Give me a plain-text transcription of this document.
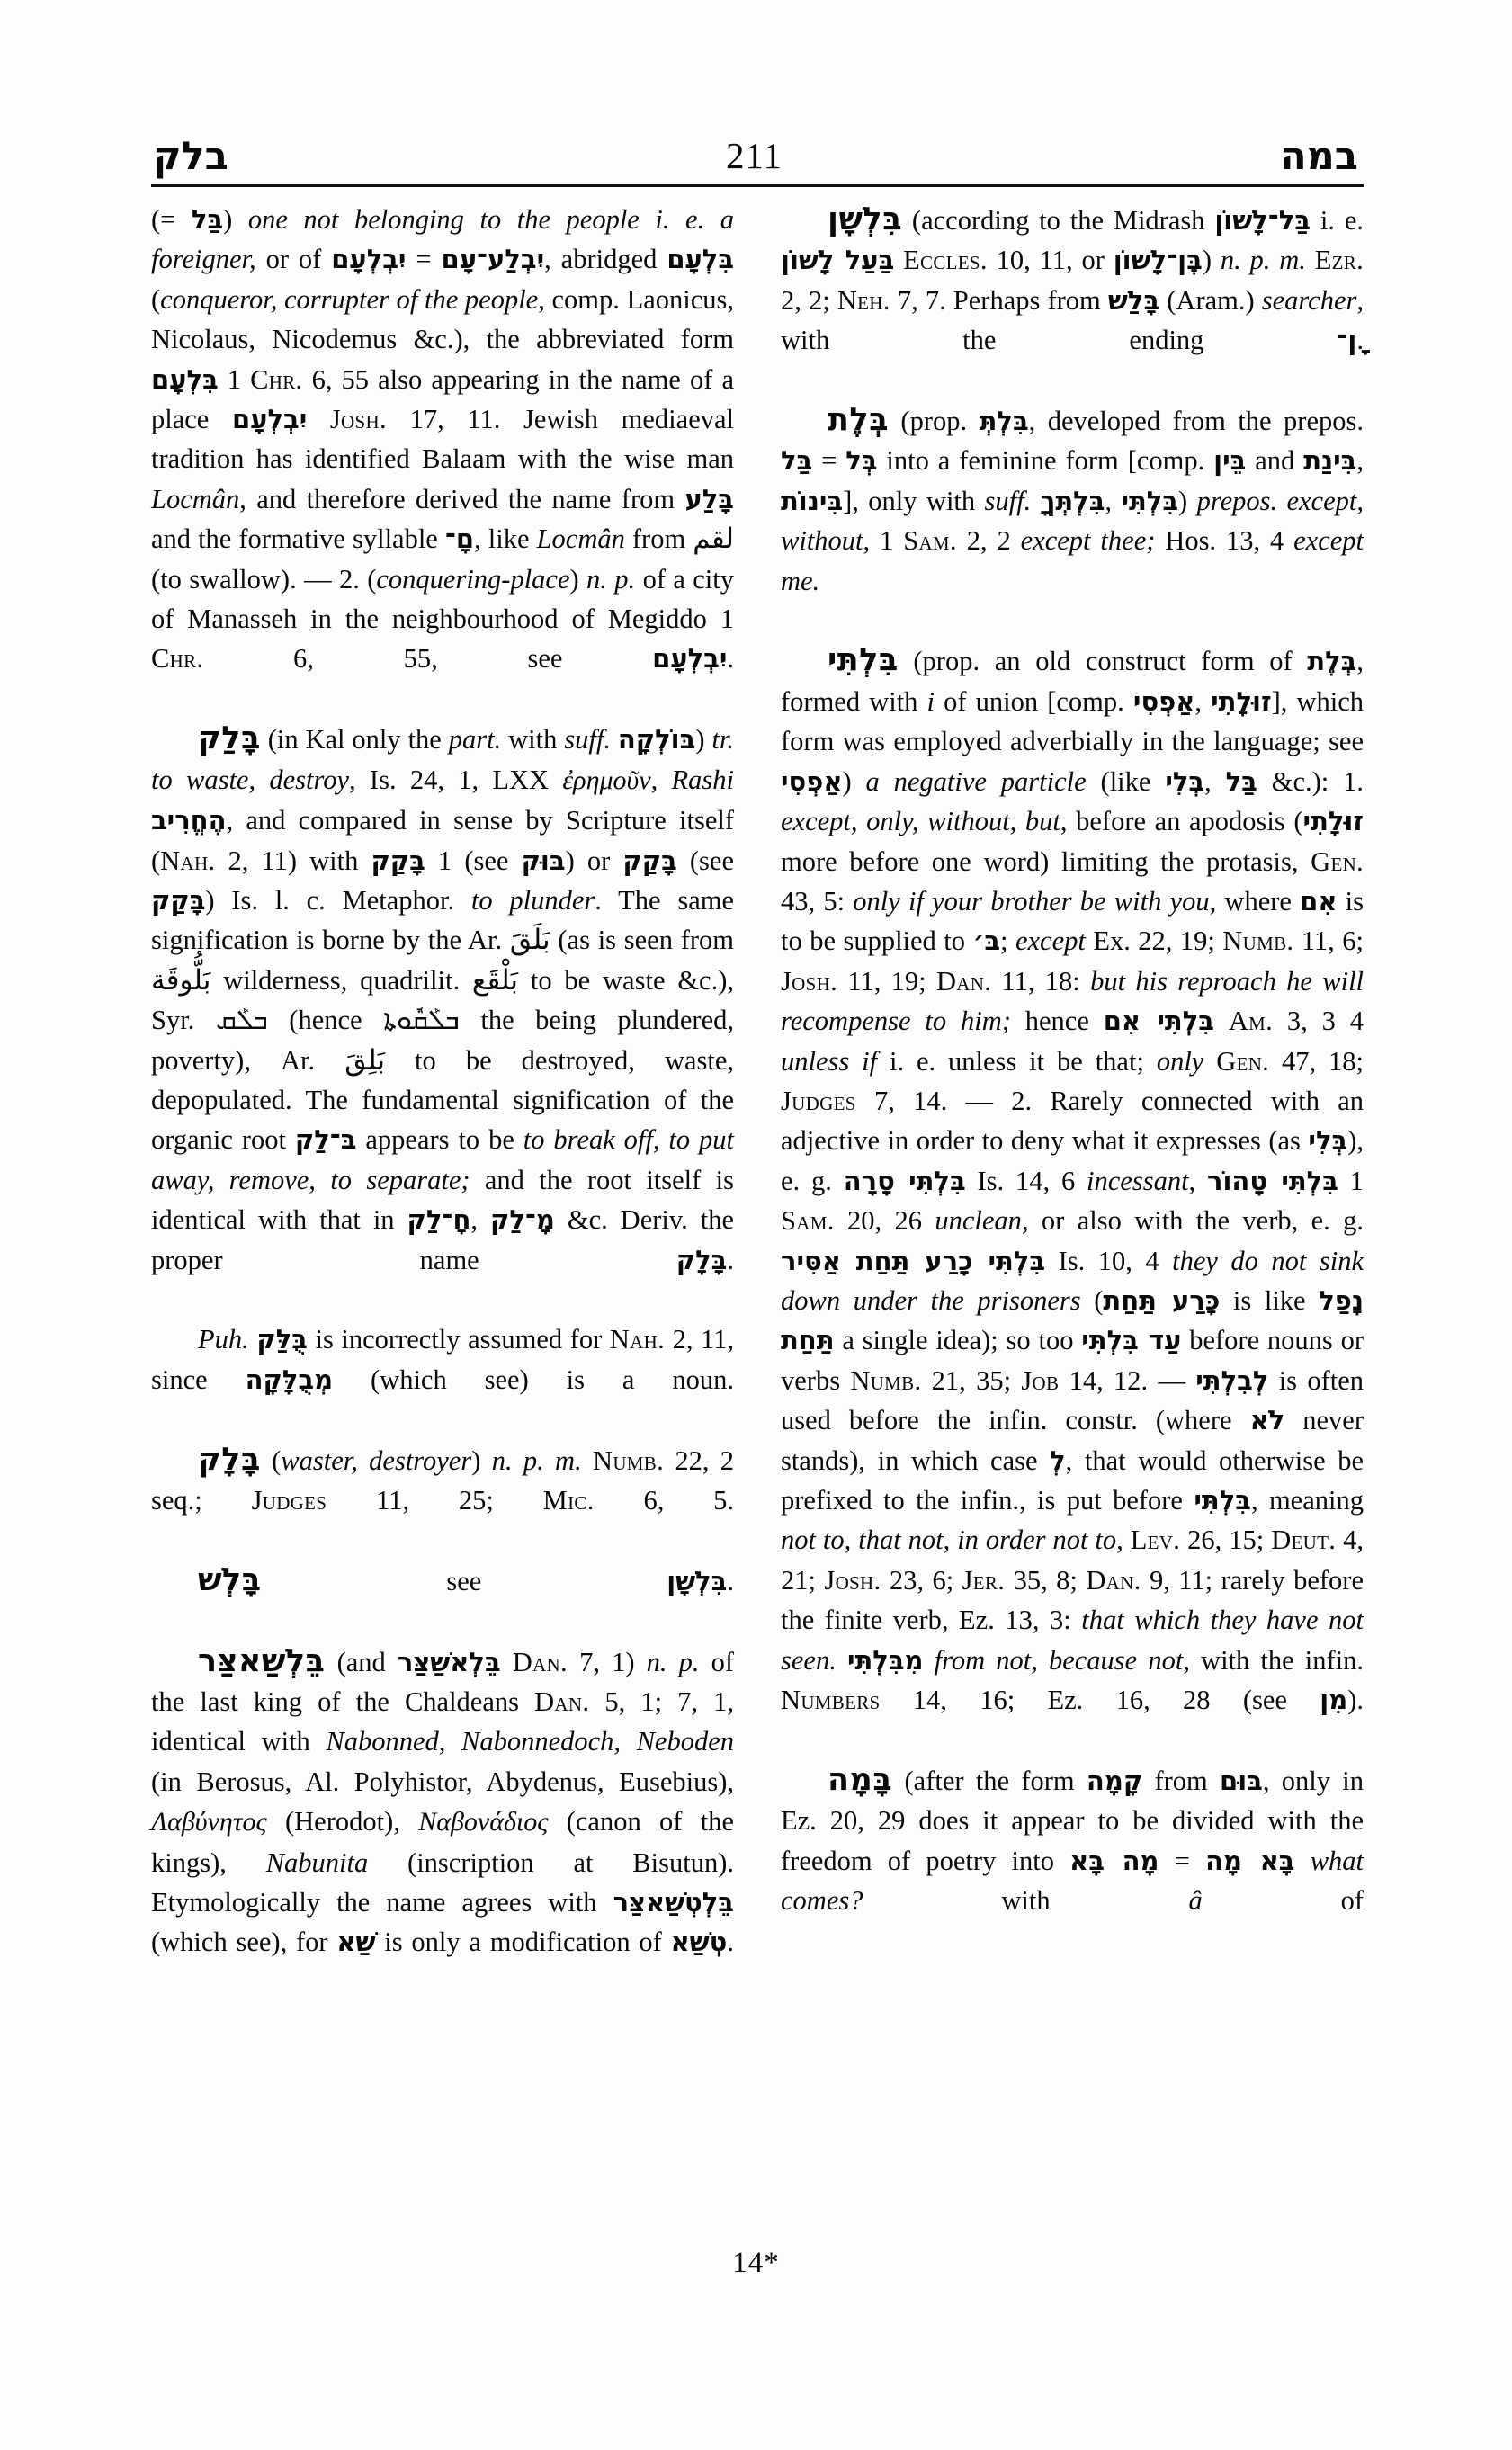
בלק	211	במה

(= בַּל) one not belonging to the people i. e. a foreigner, or of יִבְלְעָם = יִבְלַע־עָם, abridged בִּלְעָם (conqueror, corrupter of the people, comp. Laonicus, Nicolaus, Nicodemus &c.), the abbreviated form בִּלְעָם 1 Chr. 6, 55 also appearing in the name of a place יִבְלְעָם Josh. 17, 11. Jewish mediaeval tradition has identified Balaam with the wise man Locmân, and therefore derived the name from בָּלַע and the formative syllable םָ־, like Locmân from لقم (to swallow). — 2. (conquering-place) n. p. of a city of Manasseh in the neighbourhood of Megiddo 1 Chr. 6, 55, see יִבְלְעָם.

בָּלַק (in Kal only the part. with suff. בּוֹלְקָה) tr. to waste, destroy, Is. 24, 1, LXX ἐρημοῦν, Rashi הֶחֱרִיב, and compared in sense by Scripture itself (Nah. 2, 11) with בָּקַק 1 (see בּוּק) or בָּקַק (see בָּקַק) Is. l. c. Metaphor. to plunder. The same signification is borne by the Ar. بَلَقَ (as is seen from بَلُّوقَة wilderness, quadrilit. بَلْقَع to be waste &c.), Syr. ܒܠܰܩ (hence ܒܠܰܩܽܘܬܐ the being plundered, poverty), Ar. بَلِقَ to be destroyed, waste, depopulated. The fundamental signification of the organic root בּ־לַק appears to be to break off, to put away, remove, to separate; and the root itself is identical with that in חָ־לַק, מָ־לַק &c. Deriv. the proper name בָּלָק.

Puh. בֻּלַּק is incorrectly assumed for Nah. 2, 11, since מְבֻלָּקָה (which see) is a noun.

בָּלָק (waster, destroyer) n. p. m. Numb. 22, 2 seq.; Judges 11, 25; Mic. 6, 5.

בָּלְשׁ see בִּלְשָׁן.

בֵּלְשַׁאצַּר (and בֵּלְאשַׁצַּר Dan. 7, 1) n. p. of the last king of the Chaldeans Dan. 5, 1; 7, 1, identical with Nabonned, Nabonnedoch, Neboden (in Berosus, Al. Polyhistor, Abydenus, Eusebius), Λαβύνητος (Herodot), Ναβονάδιος (canon of the kings), Nabunita (inscription at Bisutun). Etymologically the name agrees with בֵּלְטְשַׁאצַּר (which see), for שַׁא is only a modification of טְשַׁא.

בִּלְשָׁן (according to the Midrash בַּל־לָשׁוֹן i. e. בַּעַל לָשׁוֹן Eccles. 10, 11, or בֶּן־לָשׁוֹן) n. p. m. Ezr. 2, 2; Neh. 7, 7. Perhaps from בָּלַשׁ (Aram.) searcher, with the ending ָן־.

בְּלֶת (prop. בִּלְתְּ, developed from the prepos. בַּל = בְּל into a feminine form [comp. בֵּין and בִּינַת, בִּינוֹת], only with suff. בִּלְתְּךָ, בִּלְתִּי) prepos. except, without, 1 Sam. 2, 2 except thee; Hos. 13, 4 except me.

בִּלְתִּי (prop. an old construct form of בְּלֶת, formed with i of union [comp. אַפְסִי, זוּלָתִי], which form was employed adverbially in the language; see אַפְסִי) a negative particle (like בְּלִי, בַּל &c.): 1. except, only, without, but, before an apodosis (זוּלָתִי more before one word) limiting the protasis, Gen. 43, 5: only if your brother be with you, where אִם is to be supplied to בּ׳; except Ex. 22, 19; Numb. 11, 6; Josh. 11, 19; Dan. 11, 18: but his reproach he will recompense to him; hence בִּלְתִּי אִם Am. 3, 3 4 unless if i. e. unless it be that; only Gen. 47, 18; Judges 7, 14. — 2. Rarely connected with an adjective in order to deny what it expresses (as בְּלִי), e. g. בִּלְתִּי סָרָה Is. 14, 6 incessant, בִּלְתִּי טָהוֹר 1 Sam. 20, 26 unclean, or also with the verb, e. g. בִּלְתִּי כָרַע תַּחַת אַסִּיר Is. 10, 4 they do not sink down under the prisoners (כָּרַע תַּחַת is like נָפַל תַּחַת a single idea); so too עַד בִּלְתִּי before nouns or verbs Numb. 21, 35; Job 14, 12. — לְבִלְתִּי is often used before the infin. constr. (where לֹא never stands), in which case לְ, that would otherwise be prefixed to the infin., is put before בִּלְתִּי, meaning not to, that not, in order not to, Lev. 26, 15; Deut. 4, 21; Josh. 23, 6; Jer. 35, 8; Dan. 9, 11; rarely before the finite verb, Ez. 13, 3: that which they have not seen. מִבִּלְתִּי from not, because not, with the infin. Numbers 14, 16; Ez. 16, 28 (see מִן).

בָּמָה (after the form קָמָה from בּוּם, only in Ez. 20, 29 does it appear to be divided with the freedom of poetry into מָה בָּא = בָּא מָה what comes? with â of

14*
